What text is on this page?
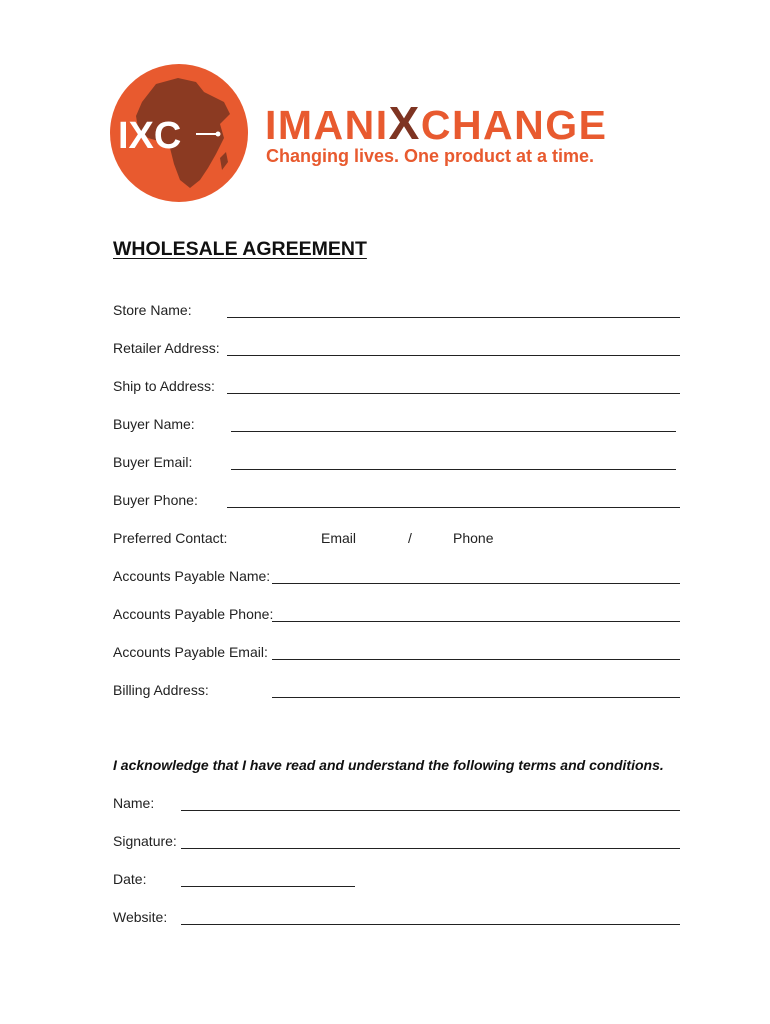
IXC IMANIXCHANGE
Changing lives. One product at a time.
WHOLESALE AGREEMENT
Store Name:
Retailer Address:
Ship to Address:
Buyer Name:
Buyer Email:
Buyer Phone:
Preferred Contact:	Email	/	Phone
Accounts Payable Name:
Accounts Payable Phone:
Accounts Payable Email:
Billing Address:
I acknowledge that I have read and understand the following terms and conditions.
Name:
Signature:
Date:
Website:
